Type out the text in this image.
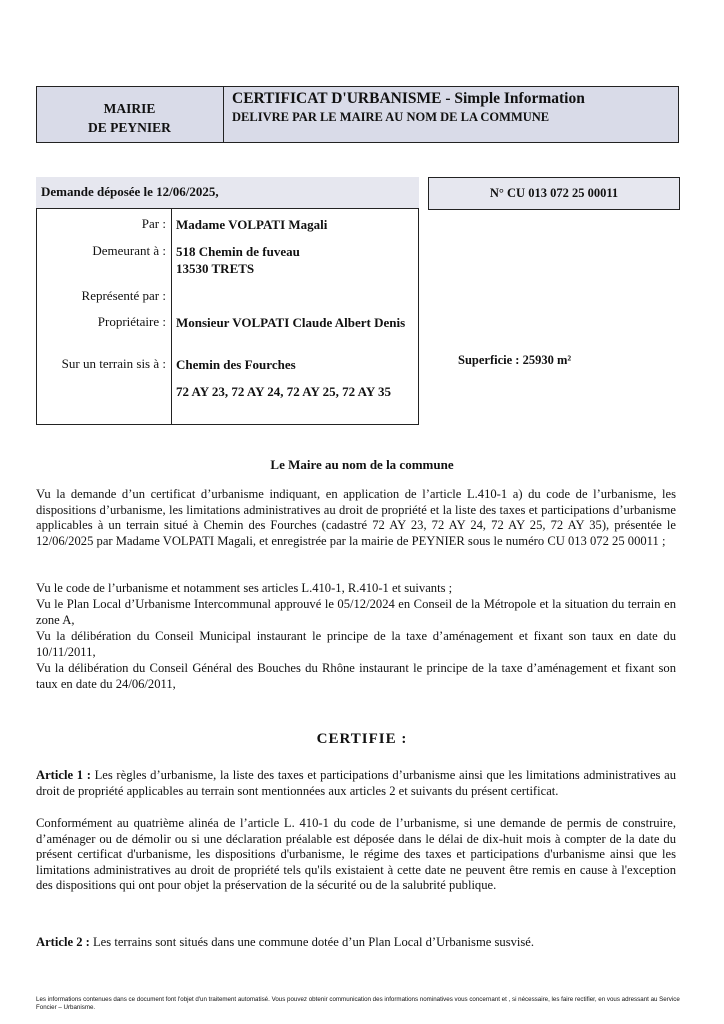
MAIRIE
DE PEYNIER
CERTIFICAT D'URBANISME - Simple Information
DELIVRE PAR LE MAIRE AU NOM DE LA COMMUNE
Demande déposée le 12/06/2025,
Par : Madame VOLPATI Magali
Demeurant à : 518 Chemin de fuveau
13530 TRETS
Représenté par :
Propriétaire : Monsieur VOLPATI Claude Albert Denis
Sur un terrain sis à : Chemin des Fourches
72 AY 23, 72 AY 24, 72 AY 25, 72 AY 35
N° CU 013 072 25 00011
Superficie : 25930 m²
Le Maire au nom de la commune
Vu la demande d’un certificat d’urbanisme indiquant, en application de l’article L.410-1 a) du code de l’urbanisme, les dispositions d’urbanisme, les limitations administratives au droit de propriété et la liste des taxes et participations d’urbanisme applicables à un terrain situé à Chemin des Fourches (cadastré 72 AY 23, 72 AY 24, 72 AY 25, 72 AY 35), présentée le 12/06/2025 par Madame VOLPATI Magali, et enregistrée par la mairie de PEYNIER sous le numéro CU 013 072 25 00011 ;
Vu le code de l’urbanisme et notamment ses articles L.410-1, R.410-1 et suivants ;
Vu le Plan Local d’Urbanisme Intercommunal approuvé le 05/12/2024 en Conseil de la Métropole et la situation du terrain en zone A,
Vu la délibération du Conseil Municipal instaurant le principe de la taxe d’aménagement et fixant son taux en date du 10/11/2011,
Vu la délibération du Conseil Général des Bouches du Rhône instaurant le principe de la taxe d’aménagement et fixant son taux en date du 24/06/2011,
CERTIFIE :
Article 1 : Les règles d’urbanisme, la liste des taxes et participations d’urbanisme ainsi que les limitations administratives au droit de propriété applicables au terrain sont mentionnées aux articles 2 et suivants du présent certificat.
Conformément au quatrième alinéa de l’article L. 410-1 du code de l’urbanisme, si une demande de permis de construire, d’aménager ou de démolir ou si une déclaration préalable est déposée dans le délai de dix-huit mois à compter de la date du présent certificat d'urbanisme, les dispositions d'urbanisme, le régime des taxes et participations d'urbanisme ainsi que les limitations administratives au droit de propriété tels qu'ils existaient à cette date ne peuvent être remis en cause à l'exception des dispositions qui ont pour objet la préservation de la sécurité ou de la salubrité publique.
Article 2 : Les terrains sont situés dans une commune dotée d’un Plan Local d’Urbanisme susvisé.
Les informations contenues dans ce document font l'objet d'un traitement automatisé. Vous pouvez obtenir communication des informations nominatives vous concernant et , si nécessaire, les faire rectifier, en vous adressant au Service Foncier – Urbanisme.
